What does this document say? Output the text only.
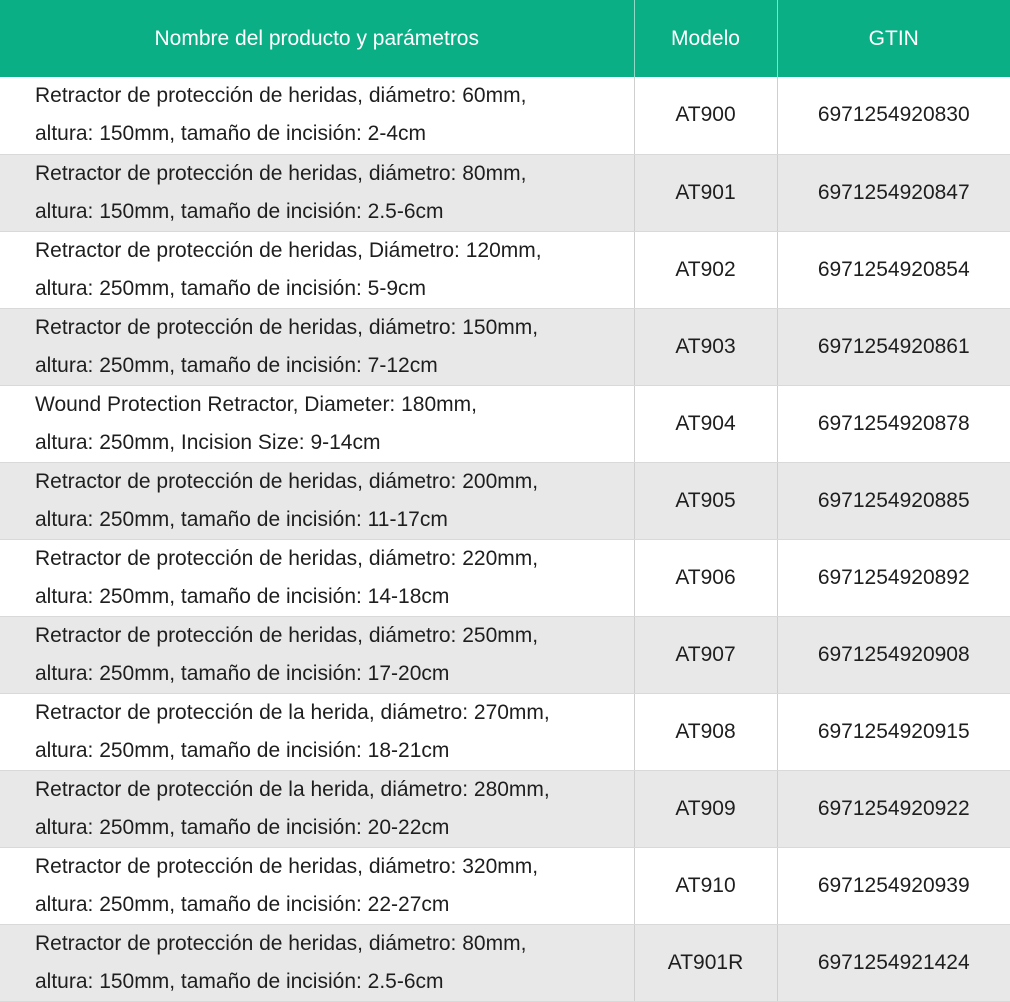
Nombre del producto y parámetros	Modelo	GTIN

Retractor de protección de heridas, diámetro: 60mm,
altura: 150mm, tamaño de incisión: 2-4cm	AT900	6971254920830

Retractor de protección de heridas, diámetro: 80mm,
altura: 150mm, tamaño de incisión: 2.5-6cm	AT901	6971254920847

Retractor de protección de heridas, Diámetro: 120mm,
altura: 250mm, tamaño de incisión: 5-9cm	AT902	6971254920854

Retractor de protección de heridas, diámetro: 150mm,
altura: 250mm, tamaño de incisión: 7-12cm	AT903	6971254920861

Wound Protection Retractor, Diameter: 180mm,
altura: 250mm, Incision Size: 9-14cm	AT904	6971254920878

Retractor de protección de heridas, diámetro: 200mm,
altura: 250mm, tamaño de incisión: 11-17cm	AT905	6971254920885

Retractor de protección de heridas, diámetro: 220mm,
altura: 250mm, tamaño de incisión: 14-18cm	AT906	6971254920892

Retractor de protección de heridas, diámetro: 250mm,
altura: 250mm, tamaño de incisión: 17-20cm	AT907	6971254920908

Retractor de protección de la herida, diámetro: 270mm,
altura: 250mm, tamaño de incisión: 18-21cm	AT908	6971254920915

Retractor de protección de la herida, diámetro: 280mm,
altura: 250mm, tamaño de incisión: 20-22cm	AT909	6971254920922

Retractor de protección de heridas, diámetro: 320mm,
altura: 250mm, tamaño de incisión: 22-27cm	AT910	6971254920939

Retractor de protección de heridas, diámetro: 80mm,
altura: 150mm, tamaño de incisión: 2.5-6cm	AT901R	6971254921424
